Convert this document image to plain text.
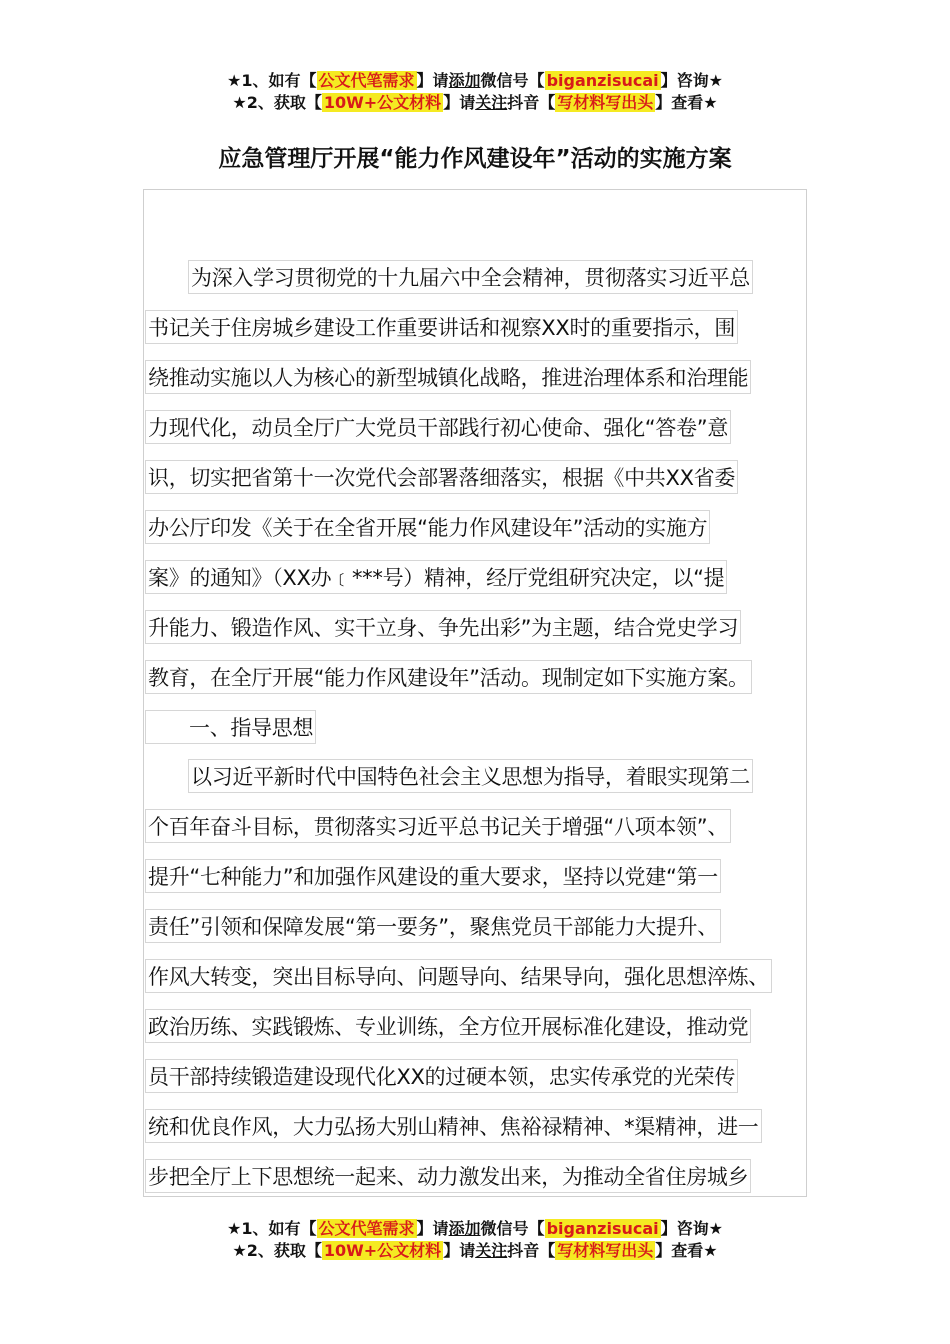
★1、如有【 公文代笔需求 】请添加微信号【 biganzisucai 】咨询★
★2、获取【 10W+公文材料 】请关注抖音【 写材料写出头 】查看★
应急管理厅开展“能力作风建设年”活动的实施方案
为深入学习贯彻党的十九届六中全会精神，贯彻落实习近平总
书记关于住房城乡建设工作重要讲话和视察XX时的重要指示，围
绕推动实施以人为核心的新型城镇化战略，推进治理体系和治理能
力现代化，动员全厅广大党员干部践行初心使命、强化“答卷”意
识，切实把省第十一次党代会部署落细落实，根据《中共XX省委
办公厅印发《关于在全省开展“能力作风建设年”活动的实施方
案》的通知》（XX办﹝***号）精神，经厅党组研究决定，以“提
升能力、锻造作风、实干立身、争先出彩”为主题，结合党史学习
教育，在全厅开展“能力作风建设年”活动。现制定如下实施方案。
一、指导思想
以习近平新时代中国特色社会主义思想为指导，着眼实现第二
个百年奋斗目标，贯彻落实习近平总书记关于增强“八项本领”、
提升“七种能力”和加强作风建设的重大要求，坚持以党建“第一
责任”引领和保障发展“第一要务”，聚焦党员干部能力大提升、
作风大转变，突出目标导向、问题导向、结果导向，强化思想淬炼、
政治历练、实践锻炼、专业训练，全方位开展标准化建设，推动党
员干部持续锻造建设现代化XX的过硬本领，忠实传承党的光荣传
统和优良作风，大力弘扬大别山精神、焦裕禄精神、*渠精神，进一
步把全厅上下思想统一起来、动力激发出来，为推动全省住房城乡
★1、如有【 公文代笔需求 】请添加微信号【 biganzisucai 】咨询★
★2、获取【 10W+公文材料 】请关注抖音【 写材料写出头 】查看★
